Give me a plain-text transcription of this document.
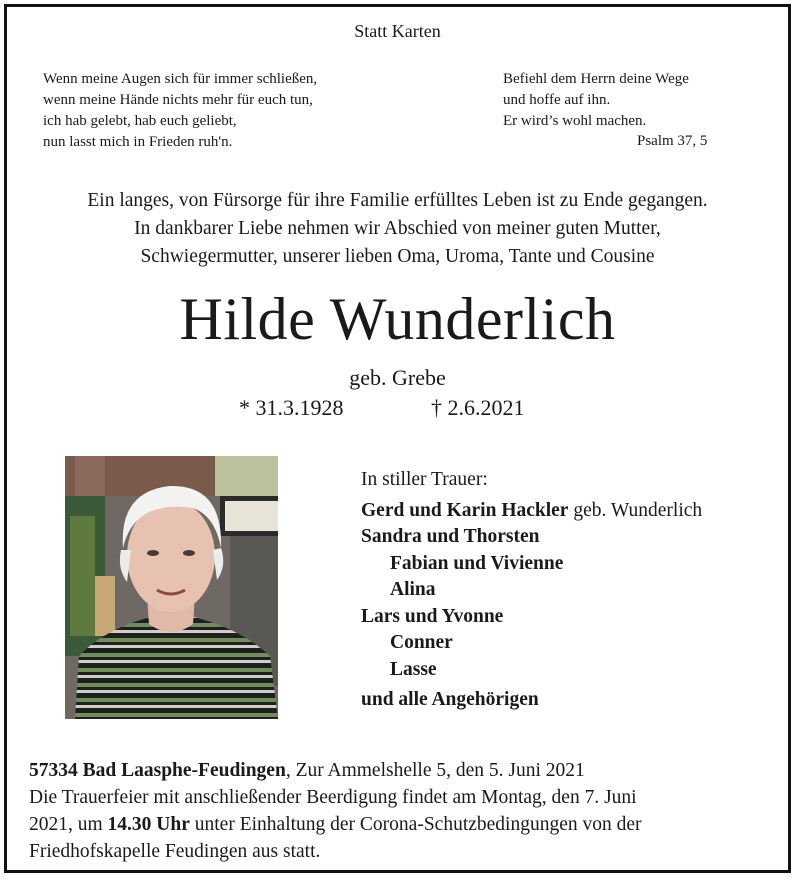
Statt Karten
Wenn meine Augen sich für immer schließen,
wenn meine Hände nichts mehr für euch tun,
ich hab gelebt, hab euch geliebt,
nun lasst mich in Frieden ruh'n.
Befiehl dem Herrn deine Wege
und hoffe auf ihn.
Er wird’s wohl machen.
Psalm 37, 5
Ein langes, von Fürsorge für ihre Familie erfülltes Leben ist zu Ende gegangen.
In dankbarer Liebe nehmen wir Abschied von meiner guten Mutter,
Schwiegermutter, unserer lieben Oma, Uroma, Tante und Cousine
Hilde Wunderlich
geb. Grebe
* 31.3.1928	† 2.6.2021
In stiller Trauer:
Gerd und Karin Hackler geb. Wunderlich
Sandra und Thorsten
Fabian und Vivienne
Alina
Lars und Yvonne
Conner
Lasse
und alle Angehörigen
57334 Bad Laasphe-Feudingen, Zur Ammelshelle 5, den 5. Juni 2021
Die Trauerfeier mit anschließender Beerdigung findet am Montag, den 7. Juni
2021, um 14.30 Uhr unter Einhaltung der Corona-Schutzbedingungen von der
Friedhofskapelle Feudingen aus statt.
